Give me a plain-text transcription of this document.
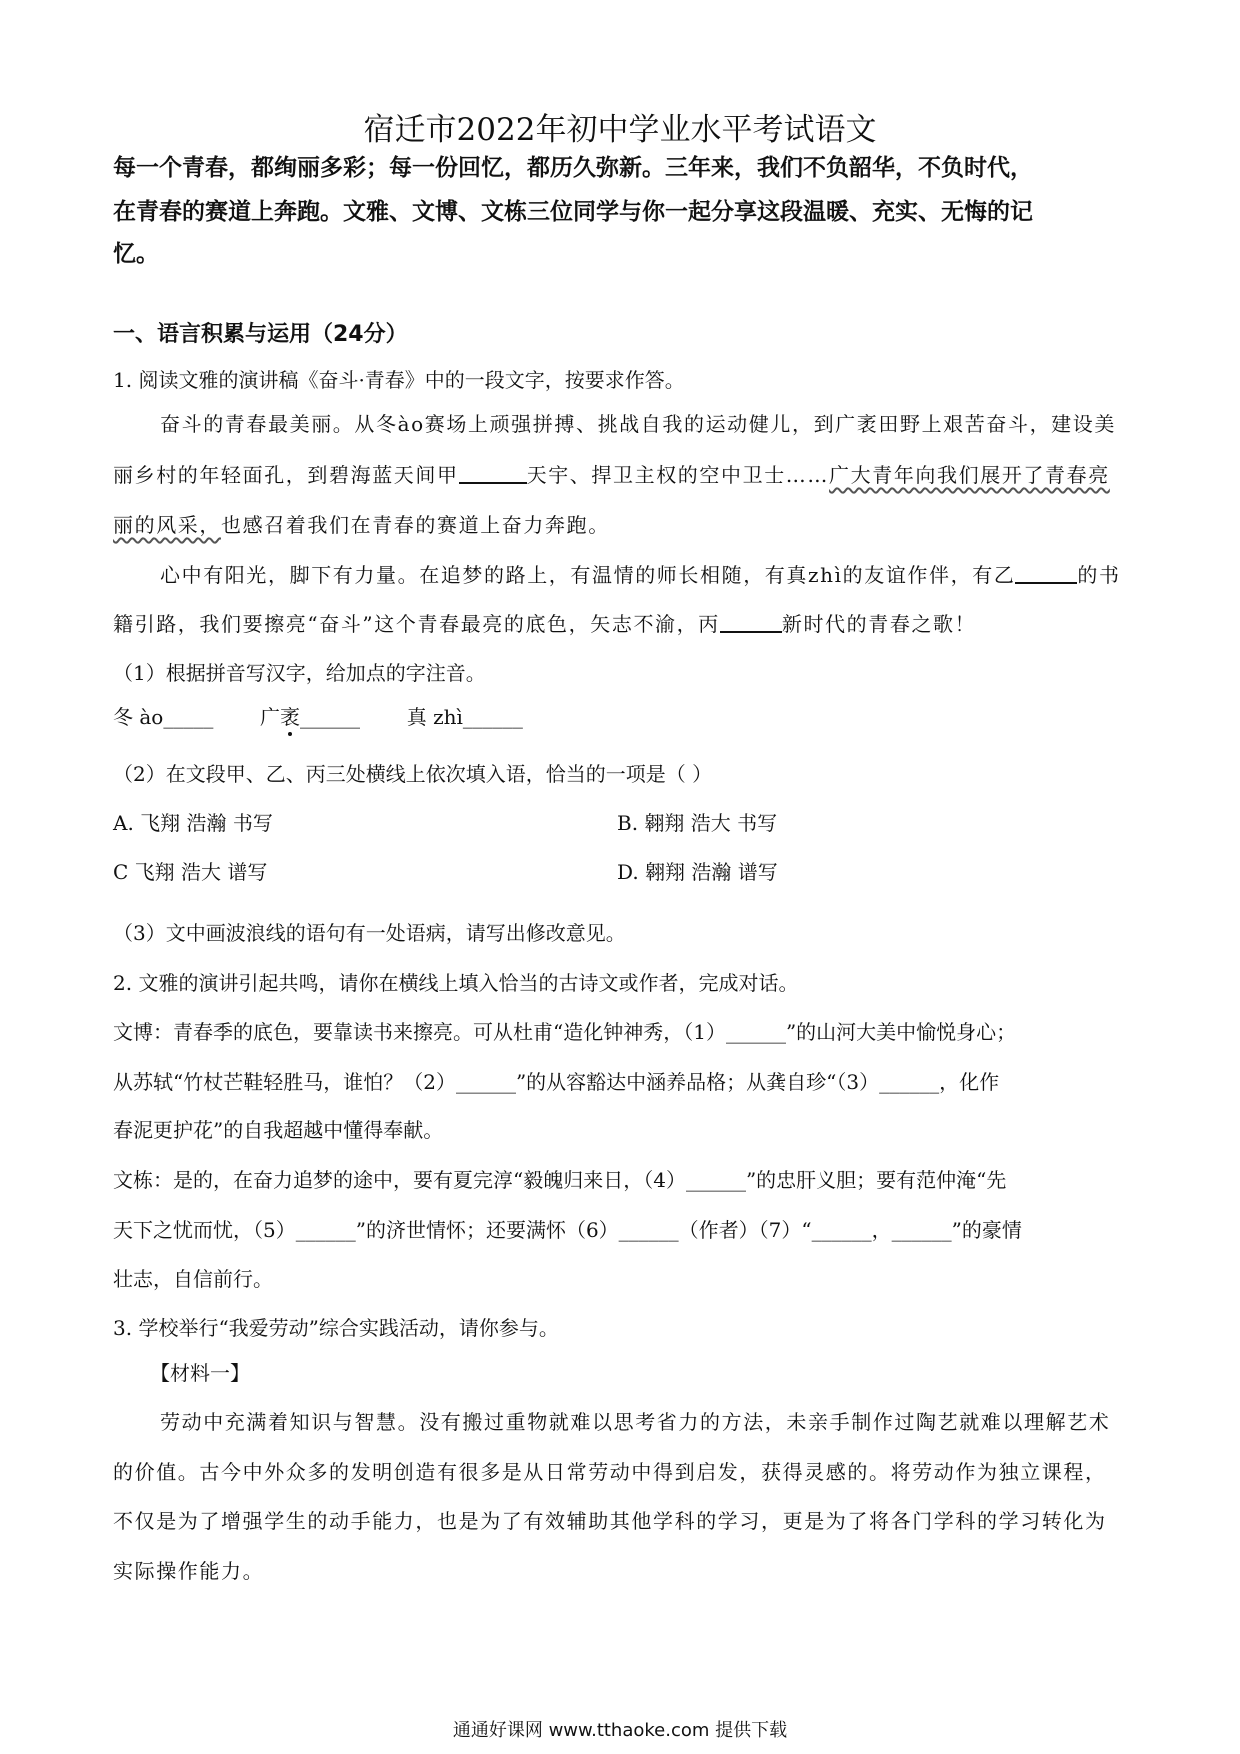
宿迁市2022年初中学业水平考试语文
每一个青春，都绚丽多彩；每一份回忆，都历久弥新。三年来，我们不负韶华，不负时代，
在青春的赛道上奔跑。文雅、文博、文栋三位同学与你一起分享这段温暖、充实、无悔的记
忆。
一、语言积累与运用（24分）
1. 阅读文雅的演讲稿《奋斗·青春》中的一段文字，按要求作答。
奋斗的青春最美丽。从冬ào赛场上顽强拼搏、挑战自我的运动健儿，到广袤田野上艰苦奋斗，建设美
丽乡村的年轻面孔，到碧海蓝天间甲	天宇、捍卫主权的空中卫士……广大青年向我们展开了青春亮
丽的风采，也感召着我们在青春的赛道上奋力奔跑。
心中有阳光，脚下有力量。在追梦的路上，有温情的师长相随，有真zhì的友谊作伴，有乙	的书
籍引路，我们要擦亮“奋斗”这个青春最亮的底色，矢志不渝，丙	新时代的青春之歌！
（1）根据拼音写汉字，给加点的字注音。
冬 ào_____ 广袤______ 真 zhì______
（2）在文段甲、乙、丙三处横线上依次填入语，恰当的一项是（ ）
A. 飞翔 浩瀚 书写	B. 翱翔 浩大 书写
C 飞翔 浩大 谱写	D. 翱翔 浩瀚 谱写
（3）文中画波浪线的语句有一处语病，请写出修改意见。
2. 文雅的演讲引起共鸣，请你在横线上填入恰当的古诗文或作者，完成对话。
文博：青春季的底色，要靠读书来擦亮。可从杜甫“造化钟神秀，（1）______”的山河大美中愉悦身心；
从苏轼“竹杖芒鞋轻胜马，谁怕？（2）______”的从容豁达中涵养品格；从龚自珍“（3）______，化作
春泥更护花”的自我超越中懂得奉献。
文栋：是的，在奋力追梦的途中，要有夏完淳“毅魄归来日，（4）______”的忠肝义胆；要有范仲淹“先
天下之忧而忧，（5）______”的济世情怀；还要满怀（6）______（作者）（7）“______，______”的豪情
壮志，自信前行。
3. 学校举行“我爱劳动”综合实践活动，请你参与。
【材料一】
劳动中充满着知识与智慧。没有搬过重物就难以思考省力的方法，未亲手制作过陶艺就难以理解艺术
的价值。古今中外众多的发明创造有很多是从日常劳动中得到启发，获得灵感的。将劳动作为独立课程，
不仅是为了增强学生的动手能力，也是为了有效辅助其他学科的学习，更是为了将各门学科的学习转化为
实际操作能力。
通通好课网 www.tthaoke.com 提供下载
